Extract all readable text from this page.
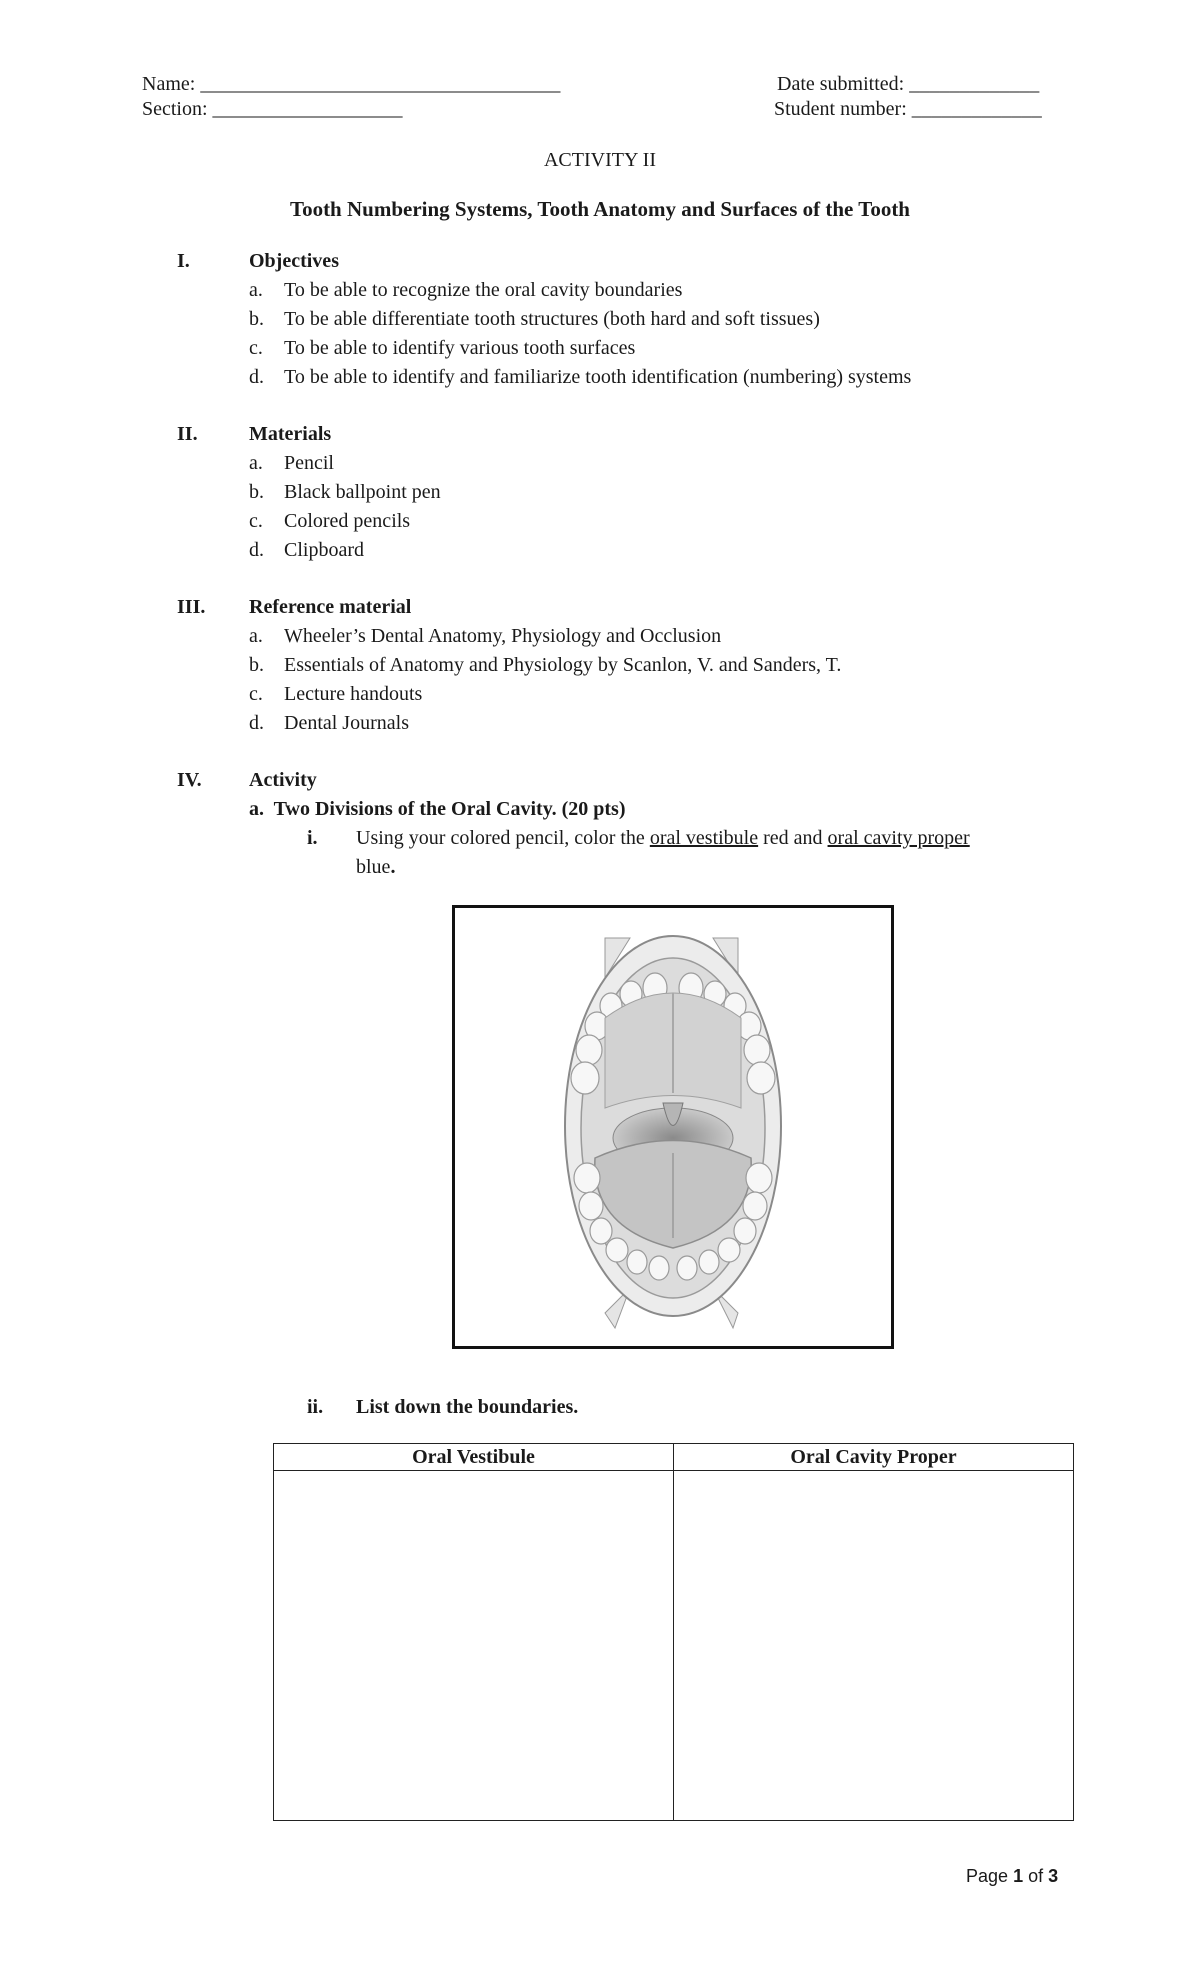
Name: ____________________________________
Section: ___________________
Date submitted: _____________
Student number: _____________
ACTIVITY II
Tooth Numbering Systems, Tooth Anatomy and Surfaces of the Tooth
I.	Objectives
a. To be able to recognize the oral cavity boundaries
b. To be able differentiate tooth structures (both hard and soft tissues)
c. To be able to identify various tooth surfaces
d. To be able to identify and familiarize tooth identification (numbering) systems
II.	Materials
a. Pencil
b. Black ballpoint pen
c. Colored pencils
d. Clipboard
III. Reference material
a. Wheeler’s Dental Anatomy, Physiology and Occlusion
b. Essentials of Anatomy and Physiology by Scanlon, V. and Sanders, T.
c. Lecture handouts
d. Dental Journals
IV. Activity
a.  Two Divisions of the Oral Cavity. (20 pts)
i. Using your colored pencil, color the oral vestibule red and oral cavity proper
blue.
ii. List down the boundaries.
Oral Vestibule	Oral Cavity Proper

Page 1 of 3
